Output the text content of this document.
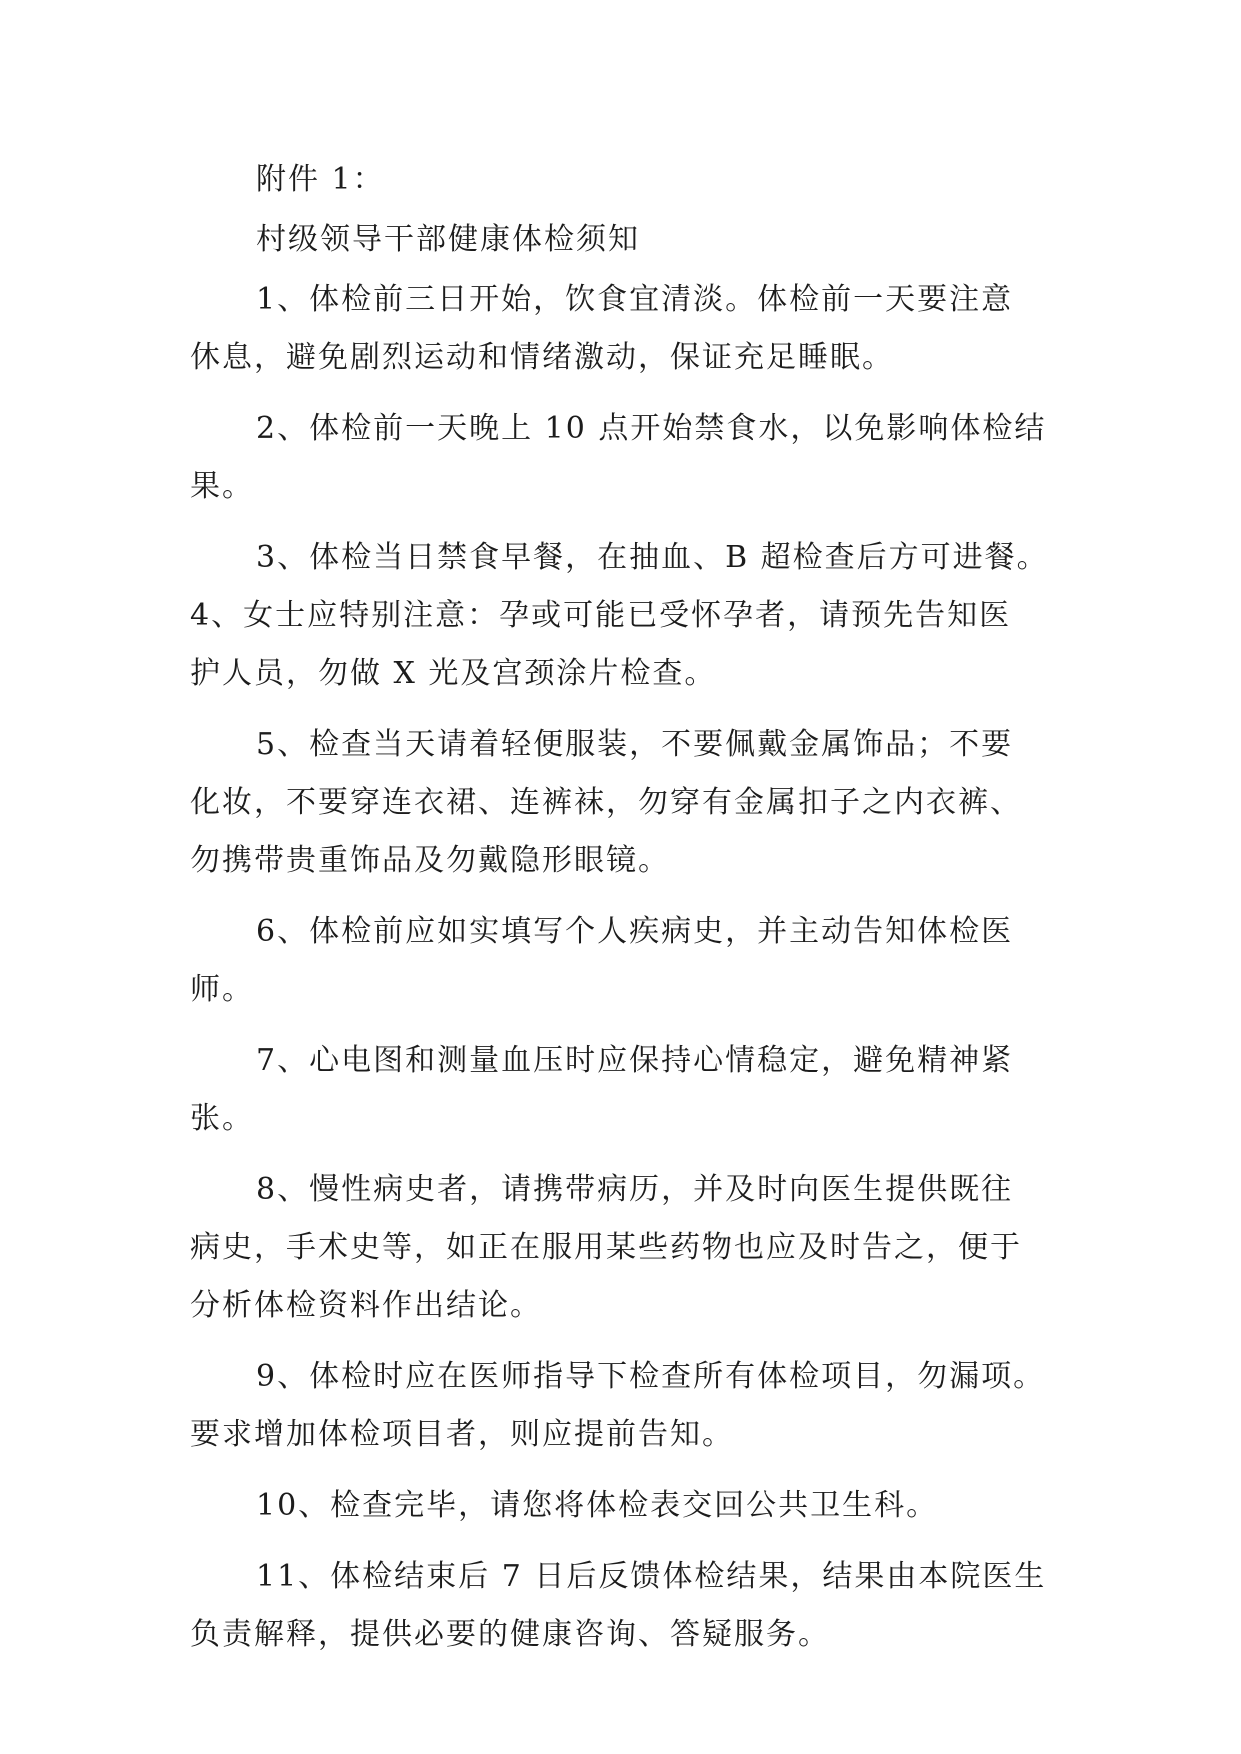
附件 1：
村级领导干部健康体检须知
1、体检前三日开始，饮食宜清淡。体检前一天要注意
休息，避免剧烈运动和情绪激动，保证充足睡眠。
2、体检前一天晚上 10 点开始禁食水，以免影响体检结
果。
3、体检当日禁食早餐，在抽血、B 超检查后方可进餐。
4、女士应特别注意：孕或可能已受怀孕者，请预先告知医
护人员，勿做 X 光及宫颈涂片检查。
5、检查当天请着轻便服装，不要佩戴金属饰品；不要
化妆，不要穿连衣裙、连裤袜，勿穿有金属扣子之内衣裤、
勿携带贵重饰品及勿戴隐形眼镜。
6、体检前应如实填写个人疾病史，并主动告知体检医
师。
7、心电图和测量血压时应保持心情稳定，避免精神紧
张。
8、慢性病史者，请携带病历，并及时向医生提供既往
病史，手术史等，如正在服用某些药物也应及时告之，便于
分析体检资料作出结论。
9、体检时应在医师指导下检查所有体检项目，勿漏项。
要求增加体检项目者，则应提前告知。
10、检查完毕，请您将体检表交回公共卫生科。
11、体检结束后 7 日后反馈体检结果，结果由本院医生
负责解释，提供必要的健康咨询、答疑服务。
